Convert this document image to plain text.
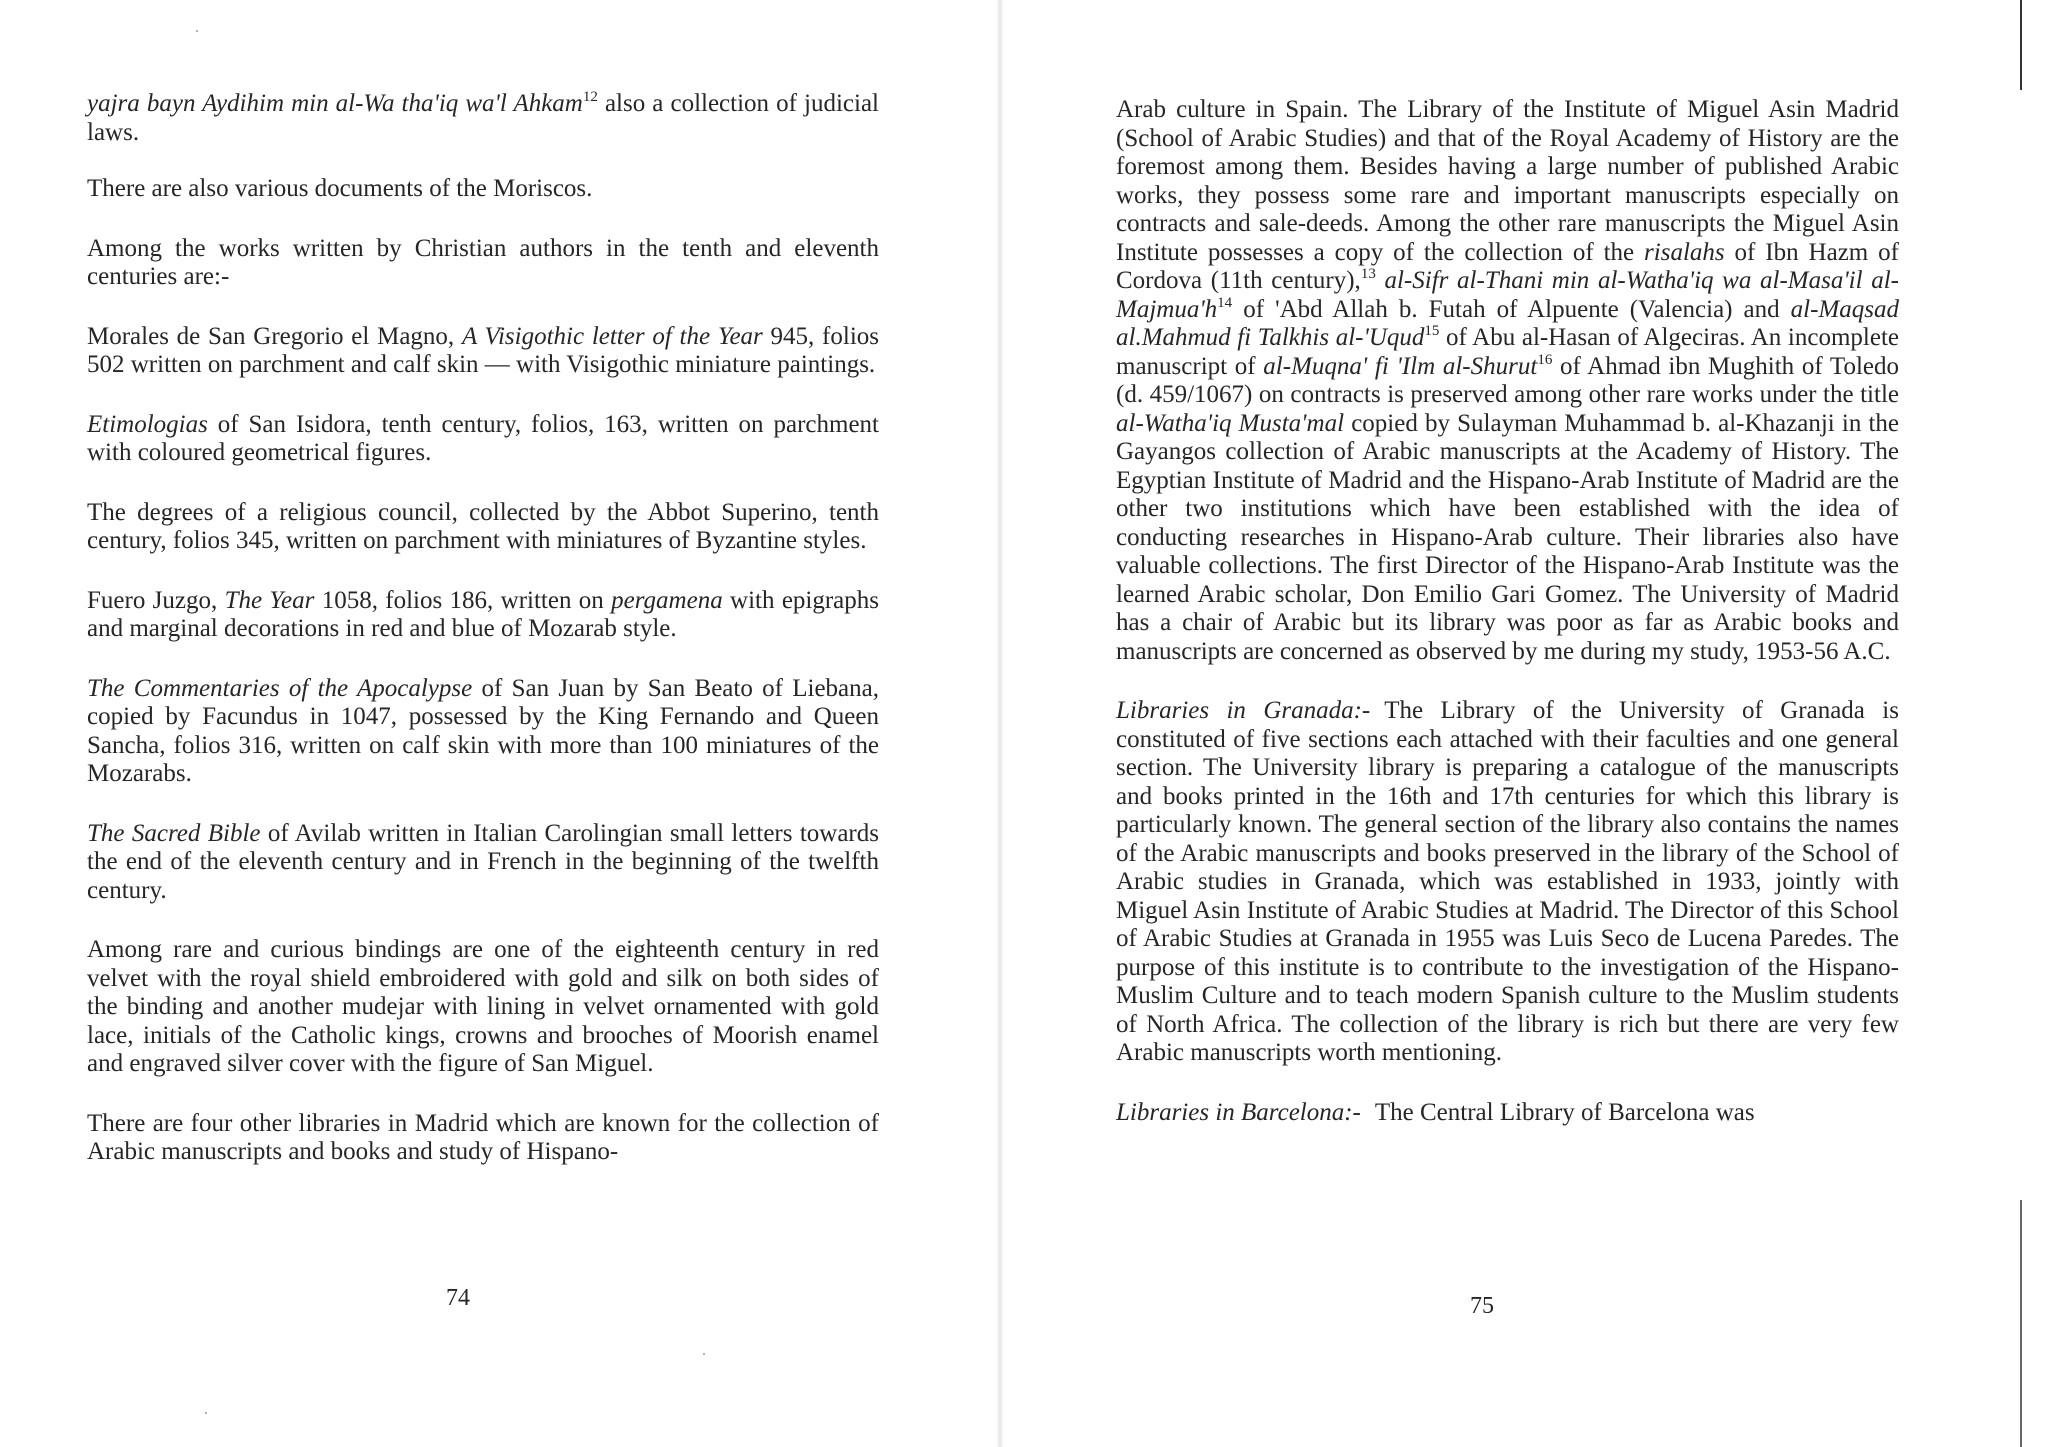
yajra bayn Aydihim min al-Wa tha'iq wa'l Ahkam$^{12}$ also a collection of judicial laws.

There are also various documents of the Moriscos.

Among the works written by Christian authors in the tenth and eleventh centuries are:-

Morales de San Gregorio el Magno, A Visigothic letter of the Year 945, folios 502 written on parchment and calf skin — with Visigothic miniature paintings.

Etimologias of San Isidora, tenth century, folios, 163, written on parchment with coloured geometrical figures.

The degrees of a religious council, collected by the Abbot Superino, tenth century, folios 345, written on parchment with miniatures of Byzantine styles.

Fuero Juzgo, The Year 1058, folios 186, written on pergamena with epigraphs and marginal decorations in red and blue of Mozarab style.

The Commentaries of the Apocalypse of San Juan by San Beato of Liebana, copied by Facundus in 1047, possessed by the King Fernando and Queen Sancha, folios 316, written on calf skin with more than 100 miniatures of the Mozarabs.

The Sacred Bible of Avilab written in Italian Carolingian small letters towards the end of the eleventh century and in French in the beginning of the twelfth century.

Among rare and curious bindings are one of the eighteenth century in red velvet with the royal shield embroidered with gold and silk on both sides of the binding and another mudejar with lining in velvet ornamented with gold lace, initials of the Catholic kings, crowns and brooches of Moorish enamel and engraved silver cover with the figure of San Miguel.

There are four other libraries in Madrid which are known for the collection of Arabic manuscripts and books and study of Hispano-

74

Arab culture in Spain. The Library of the Institute of Miguel Asin Madrid (School of Arabic Studies) and that of the Royal Academy of History are the foremost among them. Besides having a large number of published Arabic works, they possess some rare and important manuscripts especially on contracts and sale-deeds. Among the other rare manuscripts the Miguel Asin Institute possesses a copy of the collection of the risalahs of Ibn Hazm of Cordova (11th century),$^{13}$ al-Sifr al-Thani min al-Watha'iq wa al-Masa'il $al-Majmua'h^{14}$ of 'Abd Allah b. Futah of Alpuente (Valencia) and al-Maqsad al.Mahmud fi Talkhis al-'Uqud$^{15}$ of Abu al-Hasan of Algeciras. An incomplete manuscript of al-Muqna' fi 'Ilm al-Shurut$^{16}$ of Ahmad ibn Mughith of Toledo (d. 459/1067) on contracts is preserved among other rare works under the title al-Watha'iq Musta'mal copied by Sulayman Muhammad b. al-Khazanji in the Gayangos collection of Arabic manuscripts at the Academy of History. The Egyptian Institute of Madrid and the Hispano-Arab Institute of Madrid are the other two institutions which have been established with the idea of conducting researches in Hispano-Arab culture. Their libraries also have valuable collections. The first Director of the Hispano-Arab Institute was the learned Arabic scholar, Don Emilio Gari Gomez. The University of Madrid has a chair of Arabic but its library was poor as far as Arabic books and manuscripts are concerned as observed by me during my study, 1953-56 A.C.

Libraries in Granada:- The Library of the University of Granada is constituted of five sections each attached with their faculties and one general section. The University library is preparing a catalogue of the manuscripts and books printed in the 16th and 17th centuries for which this library is particularly known. The general section of the library also contains the names of the Arabic manuscripts and books preserved in the library of the School of Arabic studies in Granada, which was established in 1933, jointly with Miguel Asin Institute of Arabic Studies at Madrid. The Director of this School of Arabic Studies at Granada in 1955 was Luis Seco de Lucena Paredes. The purpose of this institute is to contribute to the investigation of the Hispano-Muslim Culture and to teach modern Spanish culture to the Muslim students of North Africa. The collection of the library is rich but there are very few Arabic manuscripts worth mentioning.

Libraries in Barcelona:- The Central Library of Barcelona was

75
